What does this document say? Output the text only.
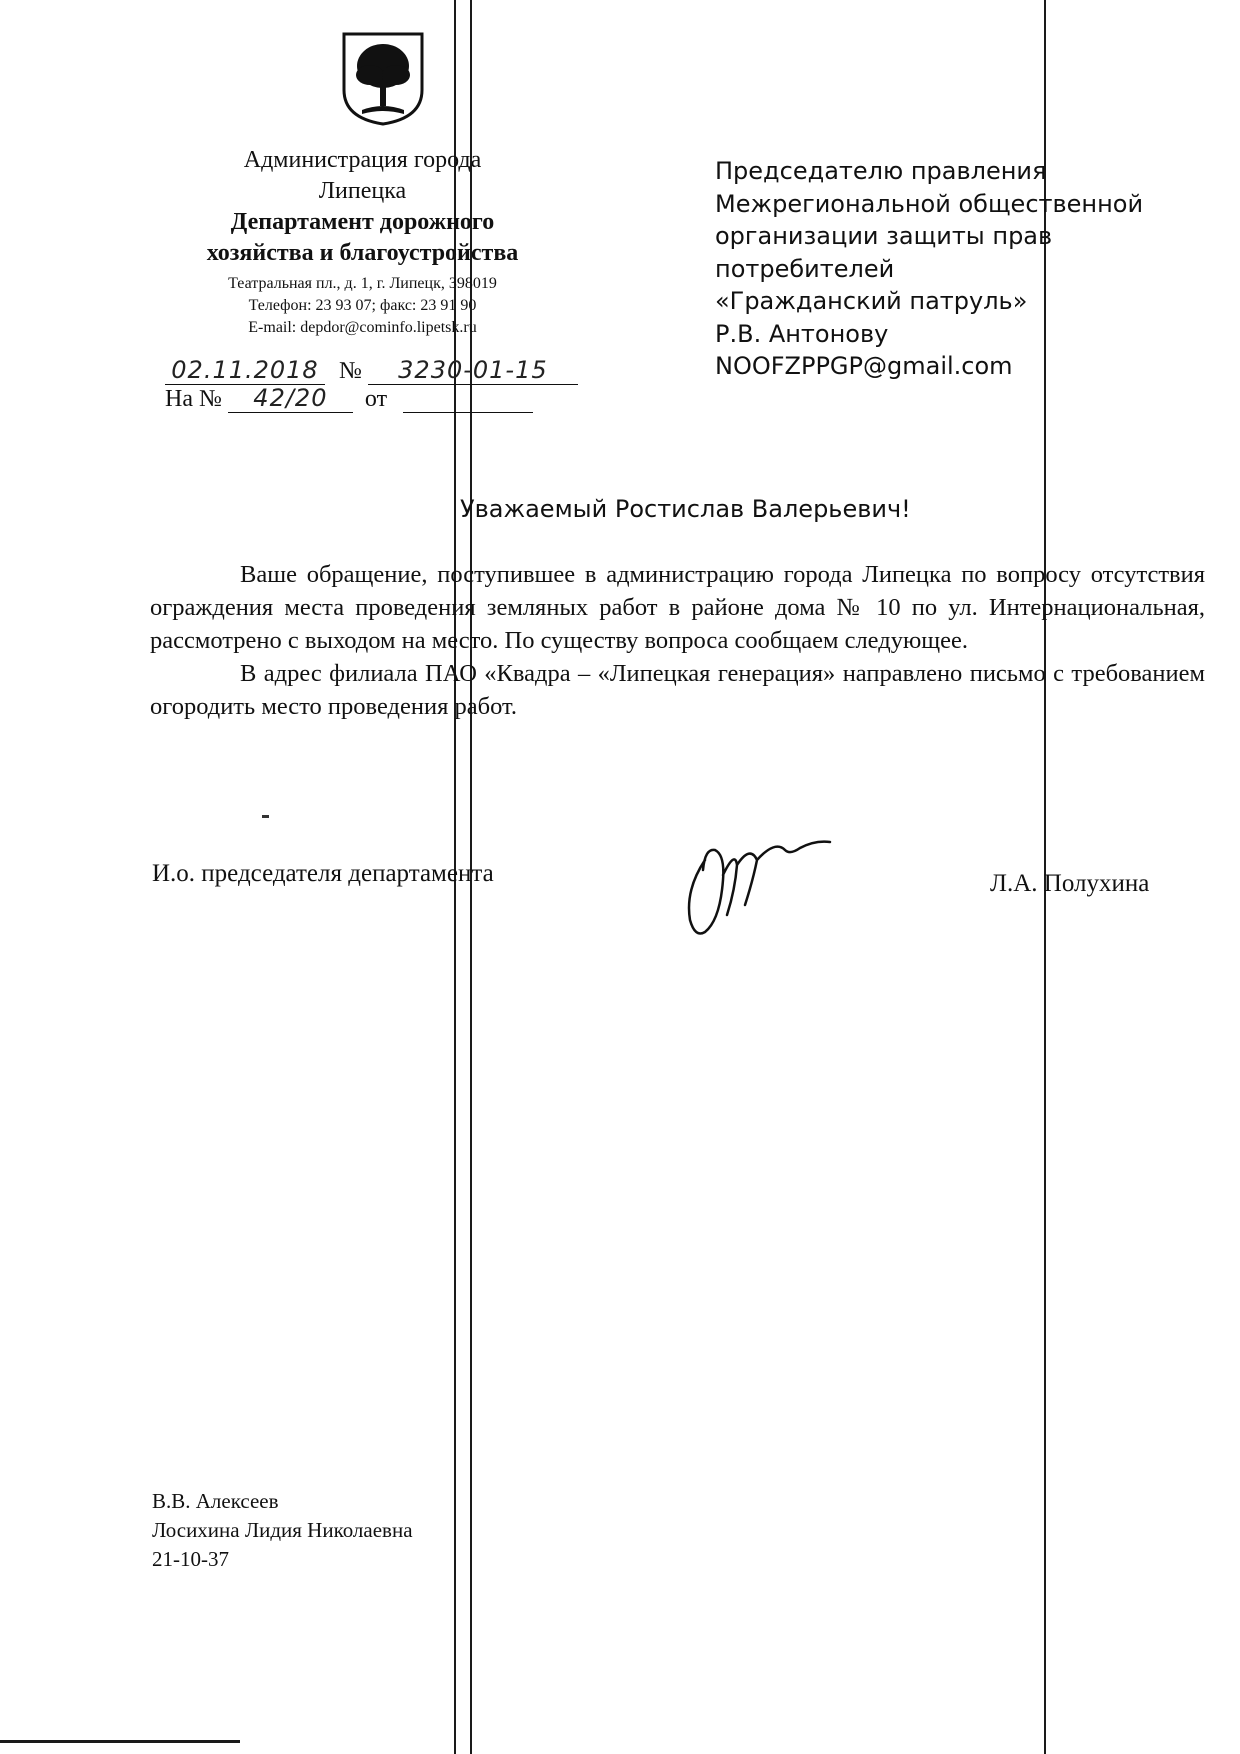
Администрация города
Липецка
Департамент дорожного
хозяйства и благоустройства
Театральная пл., д. 1, г. Липецк, 398019
Телефон: 23 93 07; факс: 23 91 90
E-mail: depdor@cominfo.lipetsk.ru
02.11.2018 № 3230-01-15
На № 42/20 от
Председателю правления
Межрегиональной общественной
организации защиты прав
потребителей
«Гражданский патруль»
Р.В. Антонову
NOOFZPPGP@gmail.com
Уважаемый Ростислав Валерьевич!

Ваше обращение, поступившее в администрацию города Липецка по вопросу отсутствия ограждения места проведения земляных работ в районе дома № 10 по ул. Интернациональная, рассмотрено с выходом на место. По существу вопроса сообщаем следующее.

В адрес филиала ПАО «Квадра – «Липецкая генерация» направлено письмо с требованием огородить место проведения работ.

И.о. председателя департамента	Л.А. Полухина
В.В. Алексеев
Лосихина Лидия Николаевна
21-10-37
